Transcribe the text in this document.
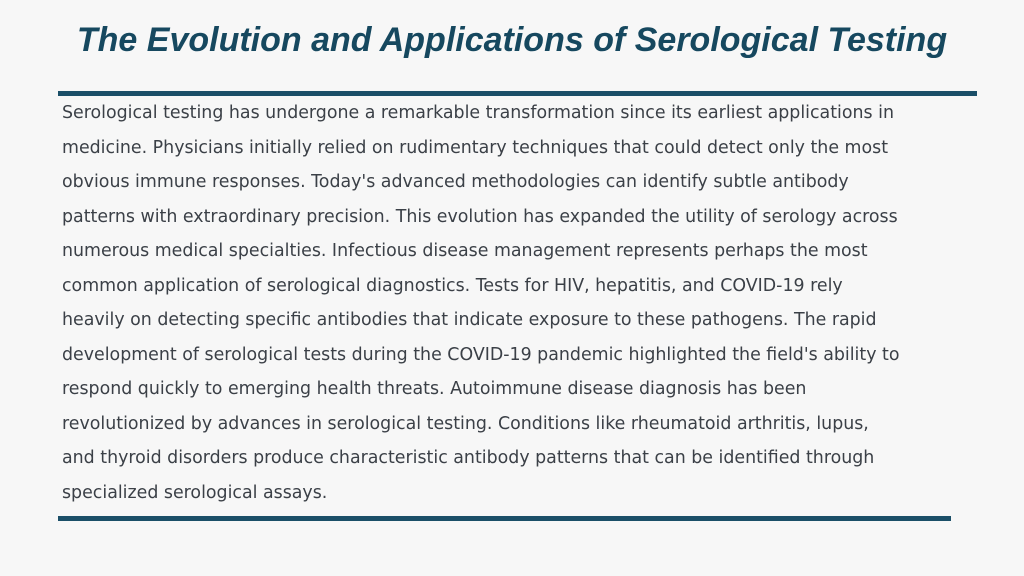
The Evolution and Applications of Serological Testing
Serological testing has undergone a remarkable transformation since its earliest applications in
medicine. Physicians initially relied on rudimentary techniques that could detect only the most
obvious immune responses. Today's advanced methodologies can identify subtle antibody
patterns with extraordinary precision. This evolution has expanded the utility of serology across
numerous medical specialties. Infectious disease management represents perhaps the most
common application of serological diagnostics. Tests for HIV, hepatitis, and COVID-19 rely
heavily on detecting specific antibodies that indicate exposure to these pathogens. The rapid
development of serological tests during the COVID-19 pandemic highlighted the field's ability to
respond quickly to emerging health threats. Autoimmune disease diagnosis has been
revolutionized by advances in serological testing. Conditions like rheumatoid arthritis, lupus,
and thyroid disorders produce characteristic antibody patterns that can be identified through
specialized serological assays.
